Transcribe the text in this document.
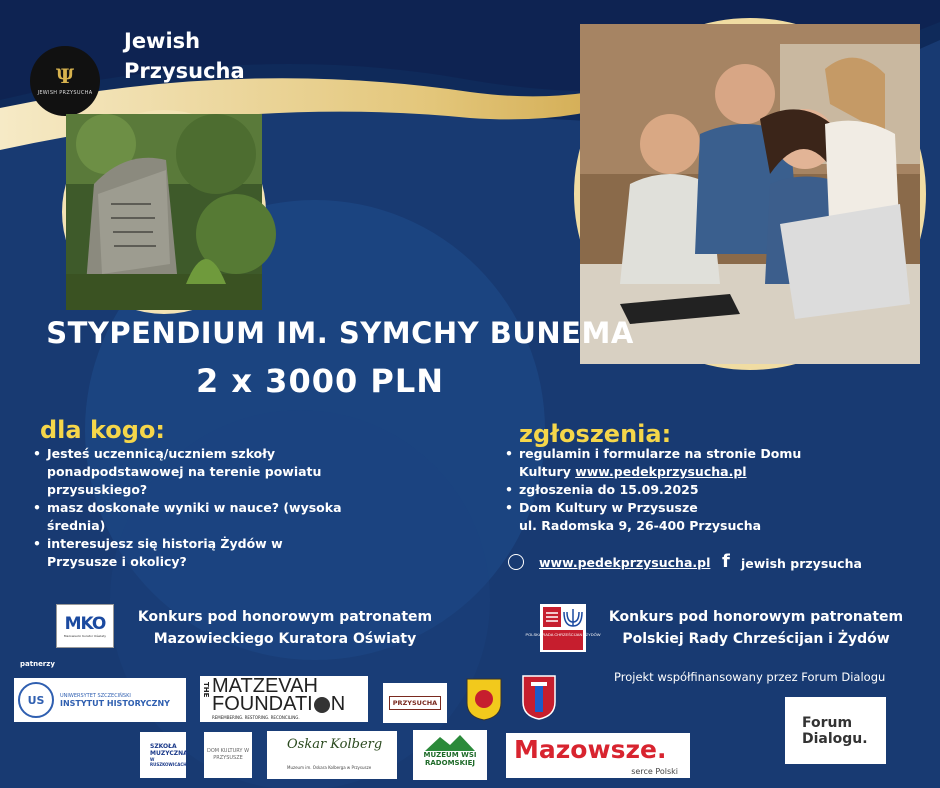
Ψ
JEWISH PRZYSUCHA
Jewish
Przysucha
STYPENDIUM IM. SYMCHY BUNEMA
2 x 3000 PLN
dla kogo:
• Jesteś uczennicą/uczniem szkoły ponadpodstawowej na terenie powiatu przysuskiego?
• masz doskonałe wyniki w nauce? (wysoka średnia)
• interesujesz się historią Żydów w Przysusze i okolicy?
zgłoszenia:
• regulamin i formularze na stronie Domu Kultury www.pedekprzysucha.pl
• zgłoszenia do 15.09.2025
• Dom Kultury w Przysusze
ul. Radomska 9, 26-400 Przysucha
www.pedekprzysucha.pl f jewish przysucha
MKO
Mazowiecki Kurator Oświaty
Konkurs pod honorowym patronatem
Mazowieckiego Kuratora Oświaty	POLSKA RADA CHRZEŚCIJAN I ŻYDÓW
Konkurs pod honorowym patronatem
Polskiej Rady Chrześcijan i Żydów
patnerzy
US	UNIWERSYTET SZCZECIŃSKI
INSTYTUT HISTORYCZNY
THE MATZEVAH
FOUNDATI N
REMEMBERING. RESTORING. RECONCILING.
PRZYSUCHA
SZKOŁA
MUZYCZNA
W RUSZKOWICACH
DOM KULTURY W PRZYSUSZE
Oskar Kolberg
Muzeum im. Oskara Kolberga w Przysusze
MUZEUM WSI
RADOMSKIEJ	Mazowsze.
serce Polski
Projekt współfinansowany przez Forum Dialogu
Forum
Dialogu.
